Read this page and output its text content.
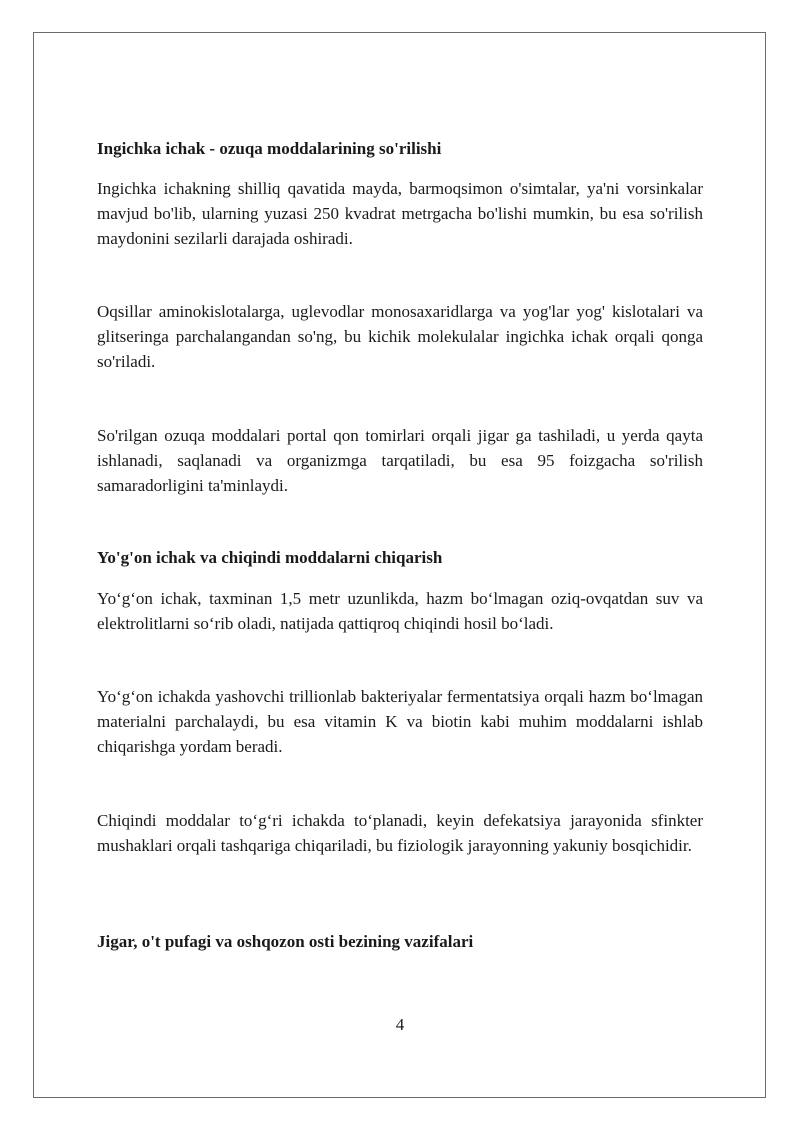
Ingichka ichak - ozuqa moddalarining so'rilishi

Ingichka ichakning shilliq qavatida mayda, barmoqsimon o'simtalar, ya'ni vorsinkalar mavjud bo'lib, ularning yuzasi 250 kvadrat metrgacha bo'lishi mumkin, bu esa so'rilish maydonini sezilarli darajada oshiradi.

Oqsillar aminokislotalarga, uglevodlar monosaxaridlarga va yog'lar yog' kislotalari va glitseringa parchalangandan so'ng, bu kichik molekulalar ingichka ichak orqali qonga so'riladi.

So'rilgan ozuqa moddalari portal qon tomirlari orqali jigar ga tashiladi, u yerda qayta ishlanadi, saqlanadi va organizmga tarqatiladi, bu esa 95 foizgacha so'rilish samaradorligini ta'minlaydi.

Yo'g'on ichak va chiqindi moddalarni chiqarish

Yo‘g‘on ichak, taxminan 1,5 metr uzunlikda, hazm bo‘lmagan oziq-ovqatdan suv va elektrolitlarni so‘rib oladi, natijada qattiqroq chiqindi hosil bo‘ladi.

Yo‘g‘on ichakda yashovchi trillionlab bakteriyalar fermentatsiya orqali hazm bo‘lmagan materialni parchalaydi, bu esa vitamin K va biotin kabi muhim moddalarni ishlab chiqarishga yordam beradi.

Chiqindi moddalar to‘g‘ri ichakda to‘planadi, keyin defekatsiya jarayonida sfinkter mushaklari orqali tashqariga chiqariladi, bu fiziologik jarayonning yakuniy bosqichidir.

Jigar, o't pufagi va oshqozon osti bezining vazifalari
4
